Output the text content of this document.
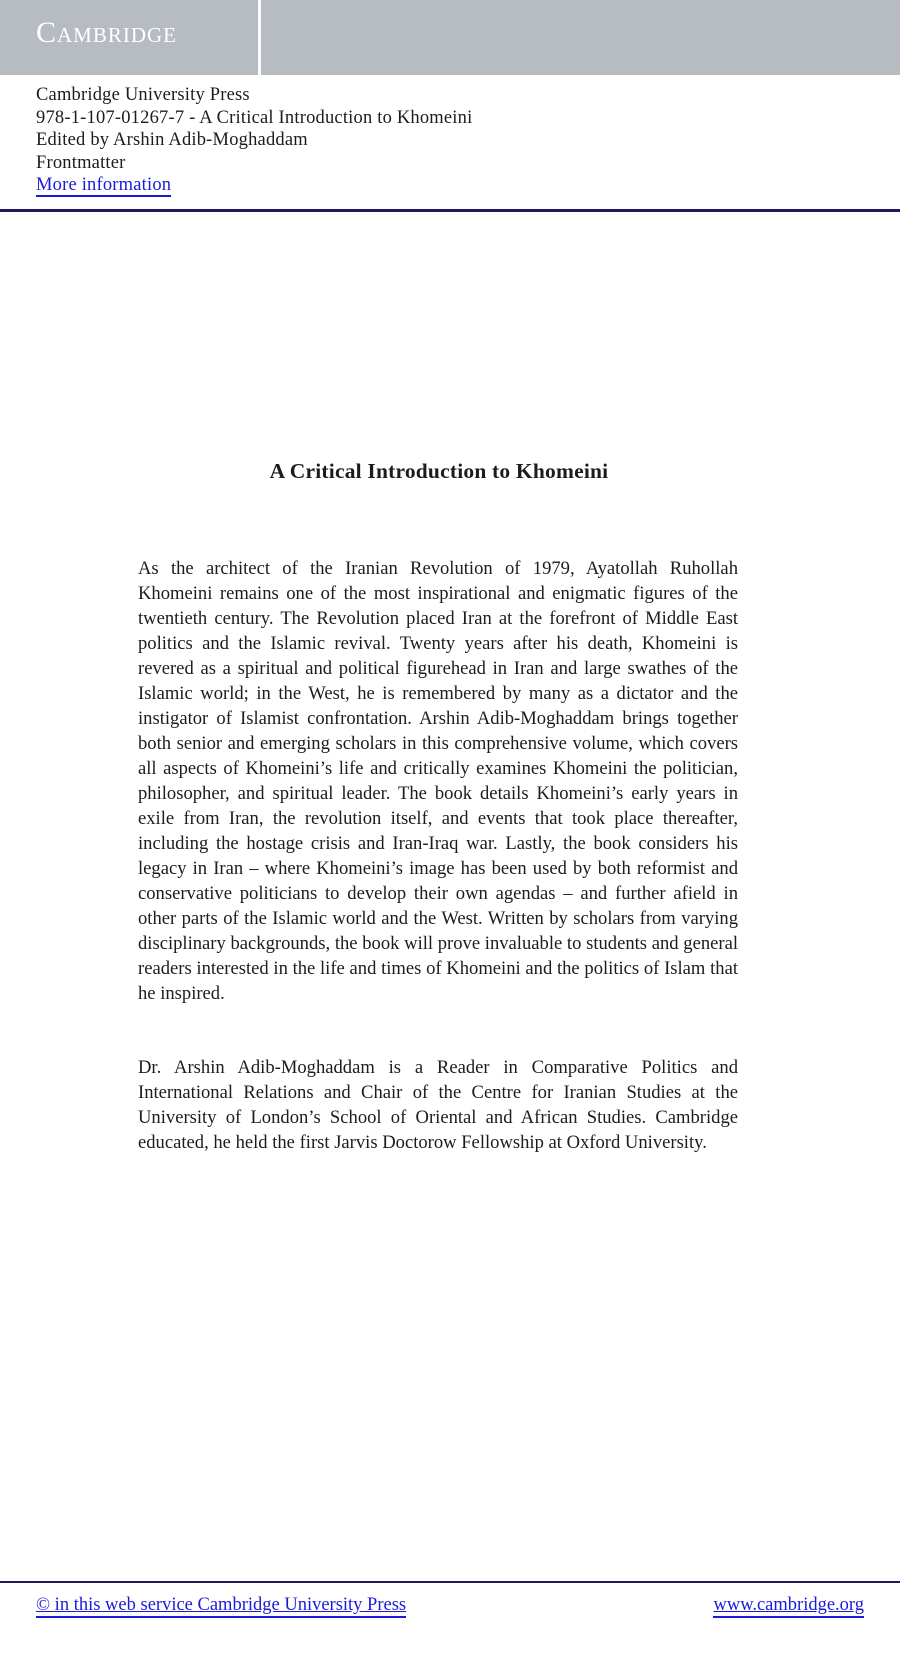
Cambridge
Cambridge University Press
978-1-107-01267-7 - A Critical Introduction to Khomeini
Edited by Arshin Adib-Moghaddam
Frontmatter
More information
A Critical Introduction to Khomeini

As the architect of the Iranian Revolution of 1979, Ayatollah Ruhollah Khomeini remains one of the most inspirational and enigmatic figures of the twentieth century. The Revolution placed Iran at the forefront of Middle East politics and the Islamic revival. Twenty years after his death, Khomeini is revered as a spiritual and political figurehead in Iran and large swathes of the Islamic world; in the West, he is remembered by many as a dictator and the instigator of Islamist confrontation. Arshin Adib-Moghaddam brings together both senior and emerging scholars in this comprehensive volume, which covers all aspects of Khomeini’s life and critically examines Khomeini the politician, philosopher, and spiritual leader. The book details Khomeini’s early years in exile from Iran, the revolution itself, and events that took place thereafter, including the hostage crisis and Iran-Iraq war. Lastly, the book considers his legacy in Iran – where Khomeini’s image has been used by both reformist and conservative politicians to develop their own agendas – and further afield in other parts of the Islamic world and the West. Written by scholars from varying disciplinary backgrounds, the book will prove invaluable to students and general readers interested in the life and times of Khomeini and the politics of Islam that he inspired.

Dr. Arshin Adib-Moghaddam is a Reader in Comparative Politics and International Relations and Chair of the Centre for Iranian Studies at the University of London’s School of Oriental and African Studies. Cambridge educated, he held the first Jarvis Doctorow Fellowship at Oxford University.

© in this web service Cambridge University Press	www.cambridge.org
